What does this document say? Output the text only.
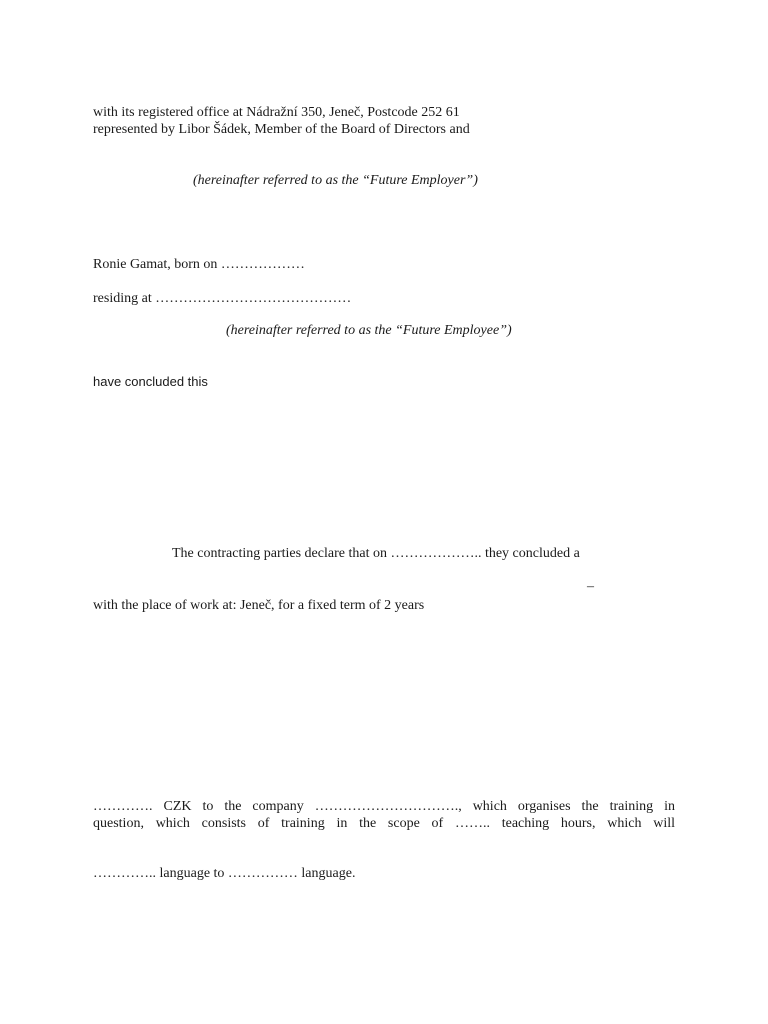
with its registered office at Nádražní 350, Jeneč, Postcode 252 61
represented by Libor Šádek, Member of the Board of Directors and
(hereinafter referred to as the “Future Employer”)
Ronie Gamat, born on ………………
residing at ……………………………………
(hereinafter referred to as the “Future Employee”)
have concluded this
The contracting parties declare that on ……………….. they concluded a
–
with the place of work at: Jeneč, for a fixed term of 2 years
…………. CZK to the company …………………………., which organises the training in
question, which consists of training in the scope of …….. teaching hours, which will
………….. language to …………… language.
